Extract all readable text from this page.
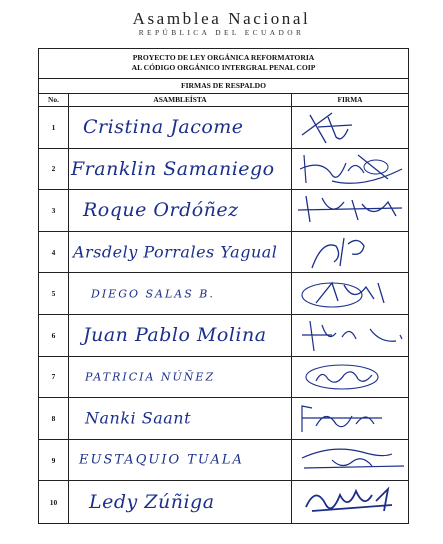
Asamblea Nacional
REPÚBLICA DEL ECUADOR
PROYECTO DE LEY ORGÁNICA REFORMATORIA
AL CÓDIGO ORGÁNICO INTERGRAL PENAL COIP
FIRMAS DE RESPALDO
No.	ASAMBLEÍSTA	FIRMA
1	Cristina Jacome
2 Franklin Samaniego
3	Roque Ordóñez
4	Arsdely Porrales Yagual
5	DIEGO SALAS B.
6	Juan Pablo Molina
7	PATRICIA NÚÑEZ
8	Nanki Saant
9	EUSTAQUIO TUALA
10	Ledy Zúñiga
